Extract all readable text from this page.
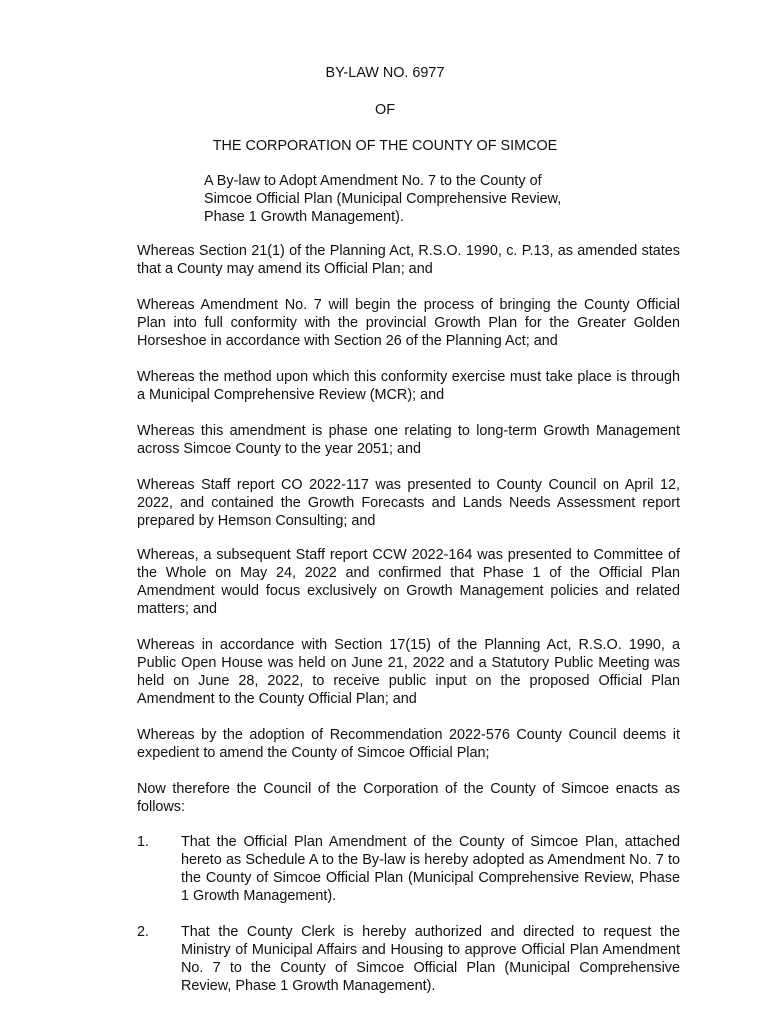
BY-LAW NO. 6977

OF

THE CORPORATION OF THE COUNTY OF SIMCOE

A By-law to Adopt Amendment No. 7 to the County of
Simcoe Official Plan (Municipal Comprehensive Review,
Phase 1 Growth Management).

Whereas Section 21(1) of the Planning Act, R.S.O. 1990, c. P.13, as amended states that a County may amend its Official Plan; and

Whereas Amendment No. 7 will begin the process of bringing the County Official Plan into full conformity with the provincial Growth Plan for the Greater Golden Horseshoe in accordance with Section 26 of the Planning Act; and

Whereas the method upon which this conformity exercise must take place is through a Municipal Comprehensive Review (MCR); and

Whereas this amendment is phase one relating to long-term Growth Management across Simcoe County to the year 2051; and

Whereas Staff report CO 2022-117 was presented to County Council on April 12, 2022, and contained the Growth Forecasts and Lands Needs Assessment report prepared by Hemson Consulting; and

Whereas, a subsequent Staff report CCW 2022-164 was presented to Committee of the Whole on May 24, 2022 and confirmed that Phase 1 of the Official Plan Amendment would focus exclusively on Growth Management policies and related matters; and

Whereas in accordance with Section 17(15) of the Planning Act, R.S.O. 1990, a Public Open House was held on June 21, 2022 and a Statutory Public Meeting was held on June 28, 2022, to receive public input on the proposed Official Plan Amendment to the County Official Plan; and

Whereas by the adoption of Recommendation 2022-576 County Council deems it expedient to amend the County of Simcoe Official Plan;

Now therefore the Council of the Corporation of the County of Simcoe enacts as follows:

1. That the Official Plan Amendment of the County of Simcoe Plan, attached hereto as Schedule A to the By-law is hereby adopted as Amendment No. 7 to the County of Simcoe Official Plan (Municipal Comprehensive Review, Phase 1 Growth Management).
2. That the County Clerk is hereby authorized and directed to request the Ministry of Municipal Affairs and Housing to approve Official Plan Amendment No. 7 to the County of Simcoe Official Plan (Municipal Comprehensive Review, Phase 1 Growth Management).
